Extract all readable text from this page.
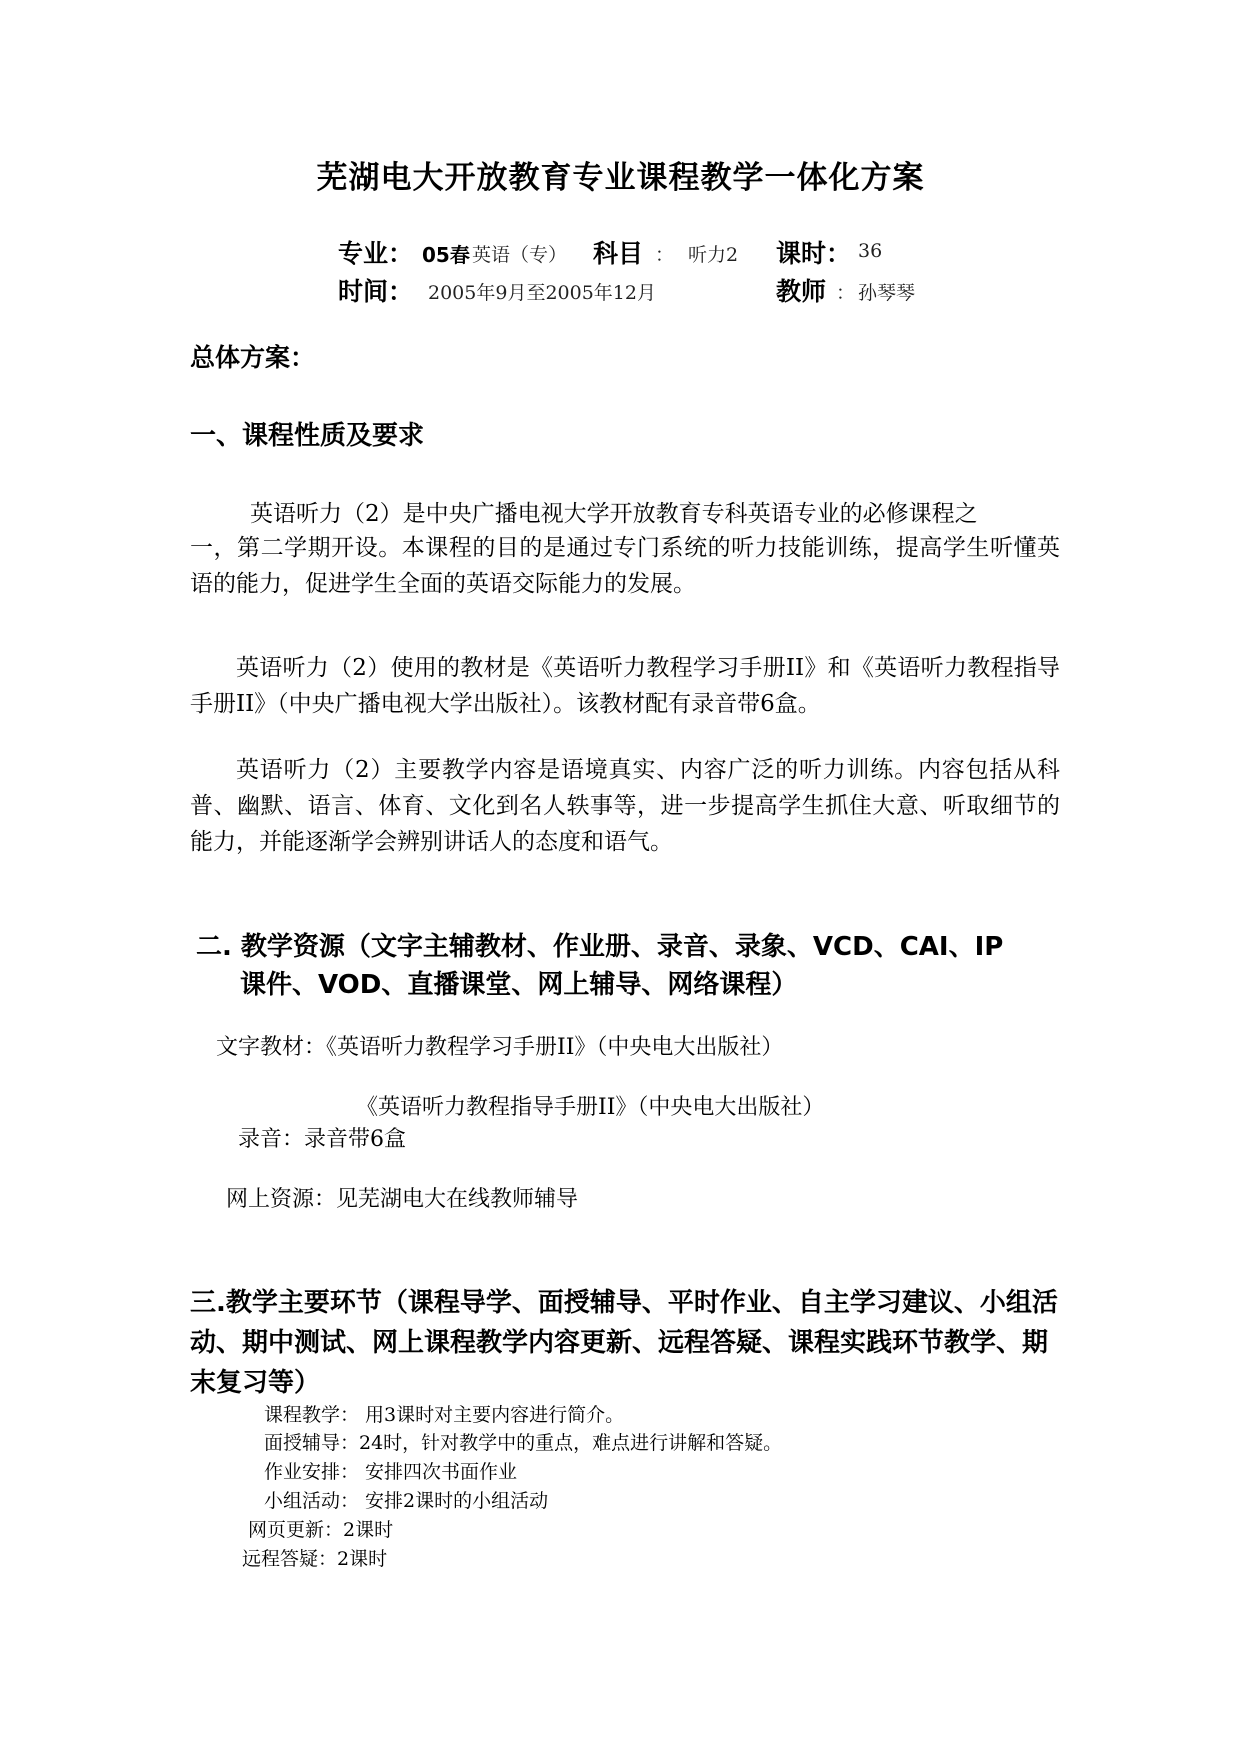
芜湖电大开放教育专业课程教学一体化方案
专业： 05春 英语（专） 科目 ： 听力2 课时： 36
时间： 2005年9月至2005年12月	教师 ： 孙琴琴
总体方案：
一、课程性质及要求
英语听力（2）是中央广播电视大学开放教育专科英语专业的必修课程之
一，第二学期开设。本课程的目的是通过专门系统的听力技能训练，提高学生听懂英语的能力，促进学生全面的英语交际能力的发展。
英语听力（2）使用的教材是《英语听力教程学习手册II》和《英语听力教程指导手册II》（中央广播电视大学出版社）。该教材配有录音带6盒。
英语听力（2）主要教学内容是语境真实、内容广泛的听力训练。内容包括从科普、幽默、语言、体育、文化到名人轶事等，进一步提高学生抓住大意、听取细节的能力，并能逐渐学会辨别讲话人的态度和语气。
二. 教学资源（文字主辅教材、作业册、录音、录象、VCD、CAI、IP
课件、VOD、直播课堂、网上辅导、网络课程）
文字教材：《英语听力教程学习手册II》（中央电大出版社）
《英语听力教程指导手册II》（中央电大出版社）
录音：录音带6盒
网上资源：见芜湖电大在线教师辅导
三.教学主要环节（课程导学、面授辅导、平时作业、自主学习建议、小组活动、期中测试、网上课程教学内容更新、远程答疑、课程实践环节教学、期末复习等）
课程教学： 用3课时对主要内容进行简介。
面授辅导：24时，针对教学中的重点，难点进行讲解和答疑。
作业安排： 安排四次书面作业
小组活动： 安排2课时的小组活动
网页更新：2课时
远程答疑：2课时
